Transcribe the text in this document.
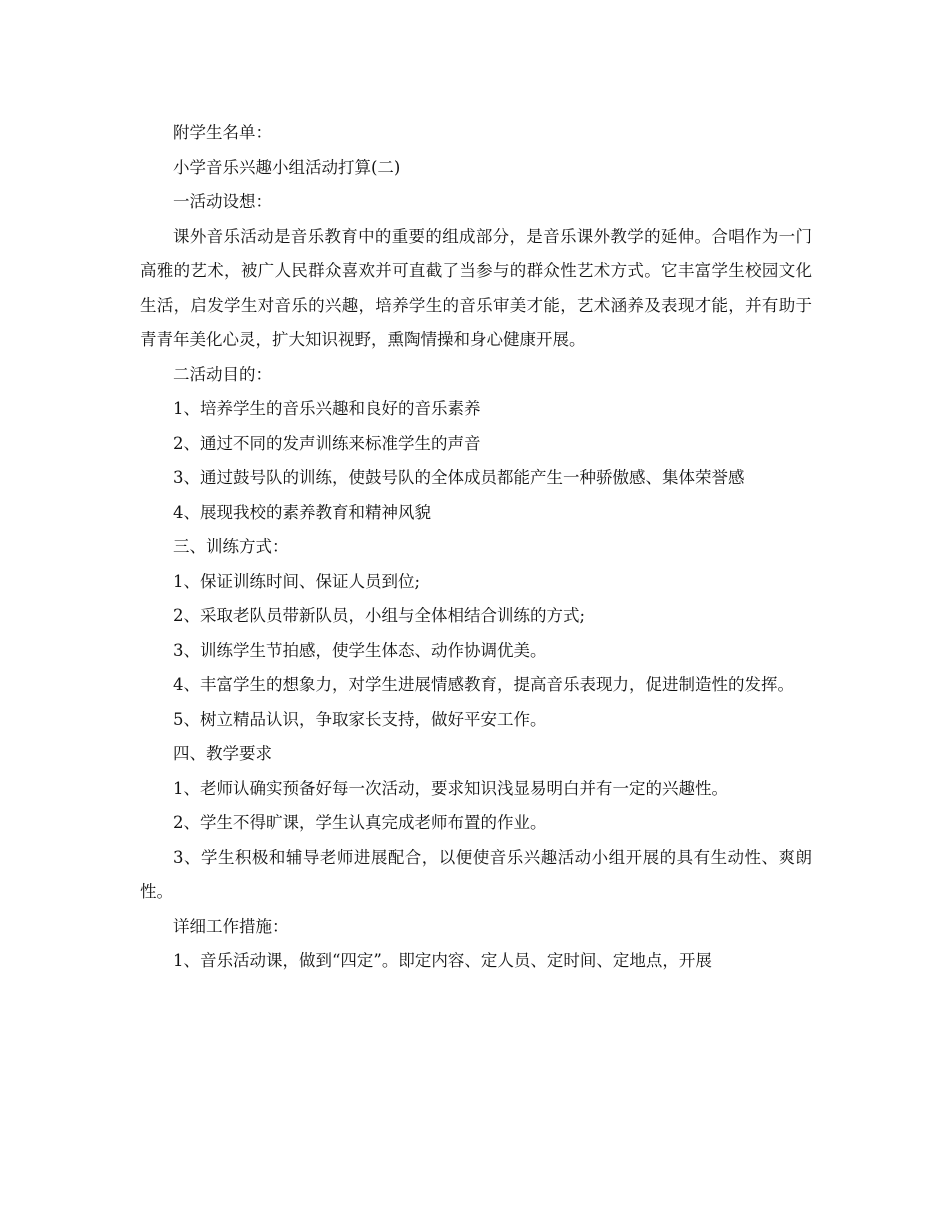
附学生名单：

小学音乐兴趣小组活动打算(二)

一活动设想：

课外音乐活动是音乐教育中的重要的组成部分，是音乐课外教学的延伸。合唱作为一门高雅的艺术，被广人民群众喜欢并可直截了当参与的群众性艺术方式。它丰富学生校园文化生活，启发学生对音乐的兴趣，培养学生的音乐审美才能，艺术涵养及表现才能，并有助于青青年美化心灵，扩大知识视野，熏陶情操和身心健康开展。

二活动目的：

1、培养学生的音乐兴趣和良好的音乐素养

2、通过不同的发声训练来标准学生的声音

3、通过鼓号队的训练，使鼓号队的全体成员都能产生一种骄傲感、集体荣誉感

4、展现我校的素养教育和精神风貌

三、训练方式：

1、保证训练时间、保证人员到位;

2、采取老队员带新队员，小组与全体相结合训练的方式;

3、训练学生节拍感，使学生体态、动作协调优美。

4、丰富学生的想象力，对学生进展情感教育，提高音乐表现力，促进制造性的发挥。

5、树立精品认识，争取家长支持，做好平安工作。

四、教学要求

1、老师认确实预备好每一次活动，要求知识浅显易明白并有一定的兴趣性。

2、学生不得旷课，学生认真完成老师布置的作业。

3、学生积极和辅导老师进展配合，以便使音乐兴趣活动小组开展的具有生动性、爽朗性。

详细工作措施：

1、音乐活动课，做到“四定”。即定内容、定人员、定时间、定地点，开展
